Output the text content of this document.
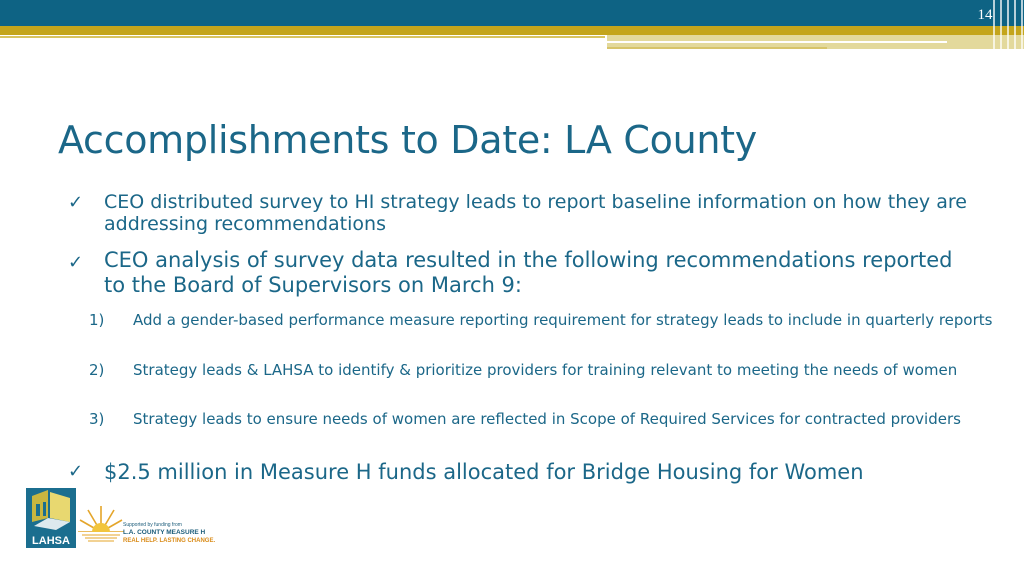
14
Accomplishments to Date: LA County
✓ CEO distributed survey to HI strategy leads to report baseline information on how they are addressing recommendations
✓ CEO analysis of survey data resulted in the following recommendations reported to the Board of Supervisors on March 9:
1) Add a gender-based performance measure reporting requirement for strategy leads to include in quarterly reports
2) Strategy leads & LAHSA to identify & prioritize providers for training relevant to meeting the needs of women
3) Strategy leads to ensure needs of women are reflected in Scope of Required Services for contracted providers
✓ $2.5 million in Measure H funds allocated for Bridge Housing for Women
LAHSA
Supported by funding from
L.A. COUNTY MEASURE H
REAL HELP. LASTING CHANGE.
